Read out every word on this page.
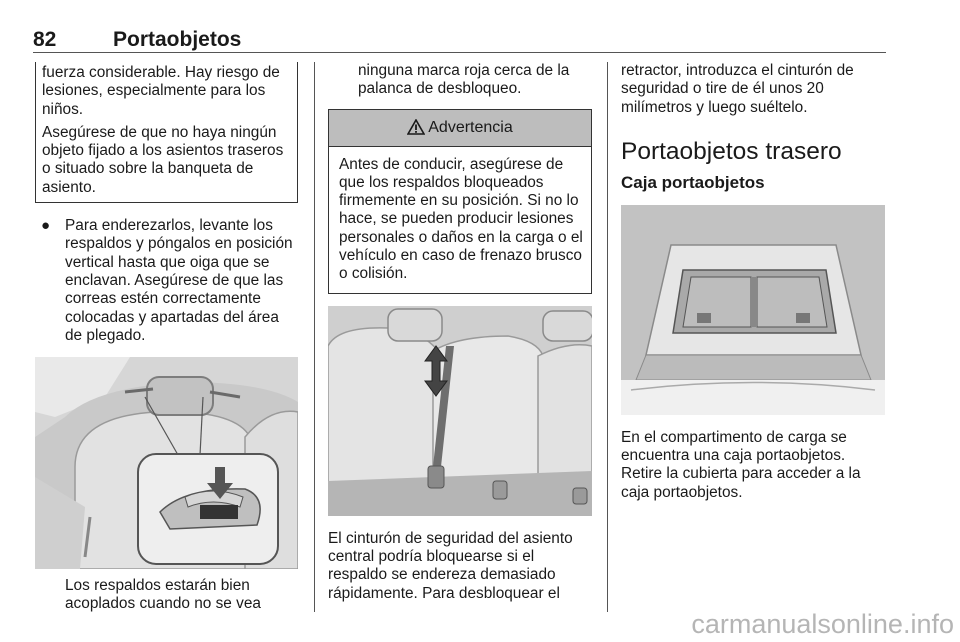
82	Portaobjetos

fuerza considerable. Hay riesgo de lesiones, especialmente para los niños.

Asegúrese de que no haya ningún objeto fijado a los asientos traseros o situado sobre la banqueta de asiento.

● Para enderezarlos, levante los respaldos y póngalos en posición vertical hasta que oiga que se enclavan. Asegúrese de que las correas estén correctamente colocadas y apartadas del área de plegado.

Los respaldos estarán bien acoplados cuando no se vea

ninguna marca roja cerca de la palanca de desbloqueo.

Advertencia

Antes de conducir, asegúrese de que los respaldos bloqueados firmemente en su posición. Si no lo hace, se pueden producir lesiones personales o daños en la carga o el vehículo en caso de frenazo brusco o colisión.

El cinturón de seguridad del asiento central podría bloquearse si el respaldo se endereza demasiado rápidamente. Para desbloquear el

retractor, introduzca el cinturón de seguridad o tire de él unos 20 milímetros y luego suéltelo.

Portaobjetos trasero
Caja portaobjetos

En el compartimento de carga se encuentra una caja portaobjetos. Retire la cubierta para acceder a la caja portaobjetos.

carmanualsonline.info
